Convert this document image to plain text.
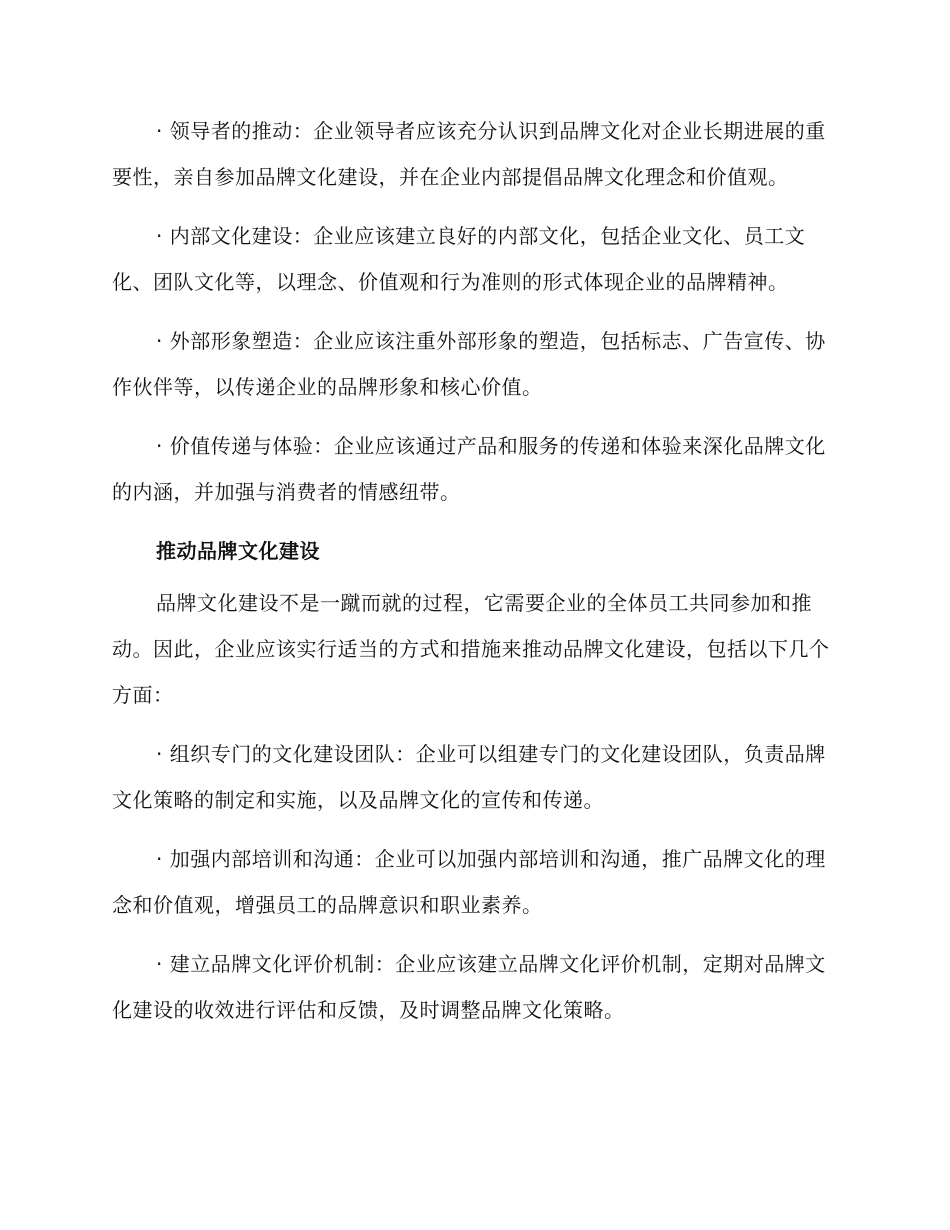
· 领导者的推动：企业领导者应该充分认识到品牌文化对企业长期进展的重要性，亲自参加品牌文化建设，并在企业内部提倡品牌文化理念和价值观。

· 内部文化建设：企业应该建立良好的内部文化，包括企业文化、员工文化、团队文化等，以理念、价值观和行为准则的形式体现企业的品牌精神。

· 外部形象塑造：企业应该注重外部形象的塑造，包括标志、广告宣传、协作伙伴等，以传递企业的品牌形象和核心价值。

· 价值传递与体验：企业应该通过产品和服务的传递和体验来深化品牌文化的内涵，并加强与消费者的情感纽带。

推动品牌文化建设

品牌文化建设不是一蹴而就的过程，它需要企业的全体员工共同参加和推动。因此，企业应该实行适当的方式和措施来推动品牌文化建设，包括以下几个方面：

· 组织专门的文化建设团队：企业可以组建专门的文化建设团队，负责品牌文化策略的制定和实施，以及品牌文化的宣传和传递。

· 加强内部培训和沟通：企业可以加强内部培训和沟通，推广品牌文化的理念和价值观，增强员工的品牌意识和职业素养。

· 建立品牌文化评价机制：企业应该建立品牌文化评价机制，定期对品牌文化建设的收效进行评估和反馈，及时调整品牌文化策略。
